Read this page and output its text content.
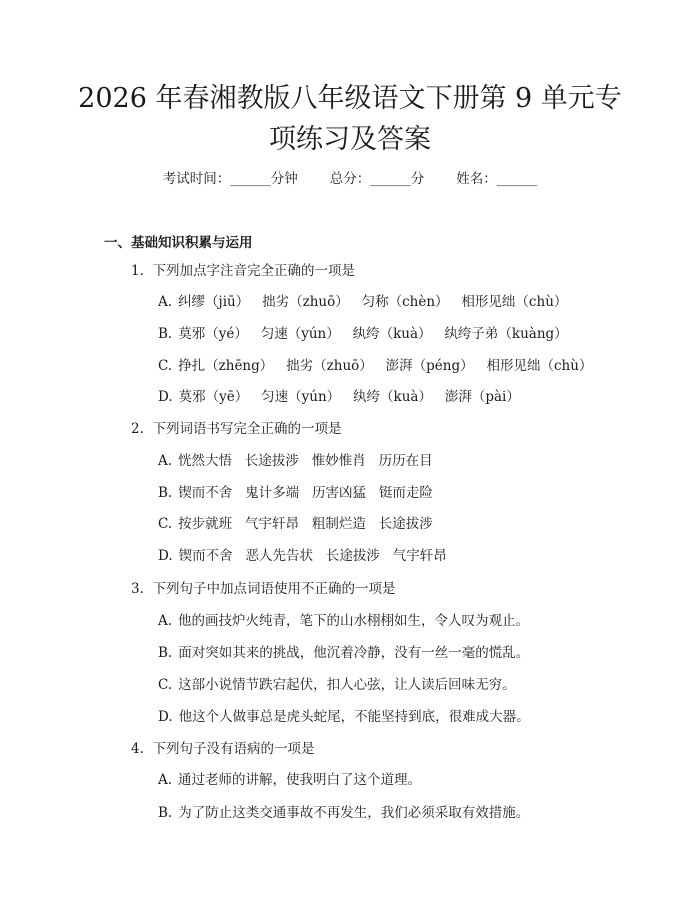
2026 年春湘教版八年级语文下册第 9 单元专
项练习及答案
考试时间：______分钟 总分：______分 姓名：______
一、基础知识积累与运用
1.  下列加点字注音完全正确的一项是
A. 纠缪（jiū）   拙劣（zhuō）   匀称（chèn）   相形见绌（chù）
B. 莫邪（yé）   匀速（yún）   纨绔（kuà）   纨绔子弟（kuàng）
C. 挣扎（zhēng）   拙劣（zhuō）   澎湃（péng）   相形见绌（chù）
D. 莫邪（yē）   匀速（yún）   纨绔（kuà）   澎湃（pài）
2.  下列词语书写完全正确的一项是
A. 恍然大悟   长途拔涉   惟妙惟肖   历历在目
B. 锲而不舍   鬼计多端   历害凶猛   铤而走险
C. 按步就班   气宇轩昂   粗制烂造   长途拔涉
D. 锲而不舍   恶人先告状   长途拔涉   气宇轩昂
3.  下列句子中加点词语使用不正确的一项是
A. 他的画技炉火纯青，笔下的山水栩栩如生，令人叹为观止。
B. 面对突如其来的挑战，他沉着冷静，没有一丝一毫的慌乱。
C. 这部小说情节跌宕起伏，扣人心弦，让人读后回味无穷。
D. 他这个人做事总是虎头蛇尾，不能坚持到底，很难成大器。
4.  下列句子没有语病的一项是
A. 通过老师的讲解，使我明白了这个道理。
B. 为了防止这类交通事故不再发生，我们必须采取有效措施。
